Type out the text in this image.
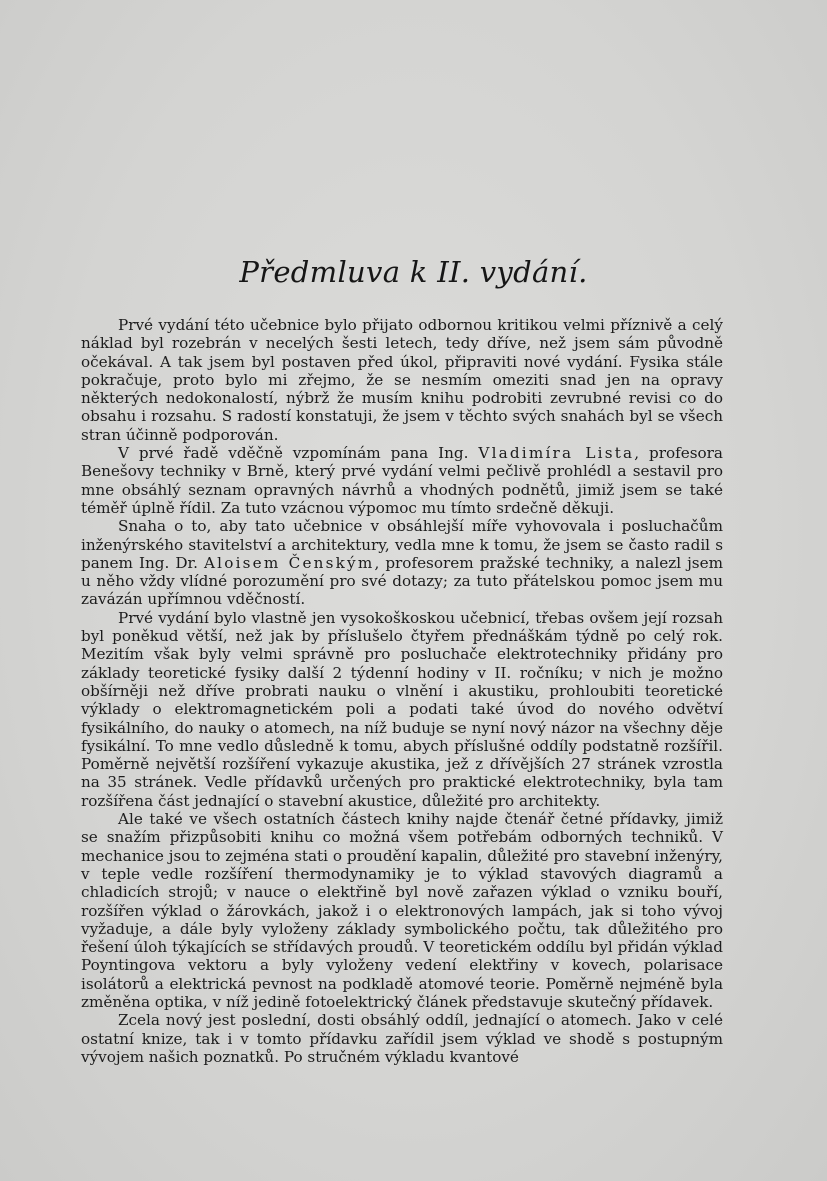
Předmluva k II. vydání.

Prvé vydání této učebnice bylo přijato odbornou kritikou velmi příznivě a celý náklad byl rozebrán v necelých šesti letech, tedy dříve, než jsem sám původně očekával. A tak jsem byl postaven před úkol, připraviti nové vydání. Fysika stále pokračuje, proto bylo mi zřejmo, že se nesmím omeziti snad jen na opravy některých nedokonalostí, nýbrž že musím knihu podrobiti zevrubné revisi co do obsahu i rozsahu. S radostí konstatuji, že jsem v těchto svých snahách byl se všech stran účinně podporován.

V prvé řadě vděčně vzpomínám pana Ing. Vladimíra Lista, profesora Benešovy techniky v Brně, který prvé vydání velmi pečlivě prohlédl a sestavil pro mne obsáhlý seznam opravných návrhů a vhodných podnětů, jimiž jsem se také téměř úplně řídil. Za tuto vzácnou výpomoc mu tímto srdečně děkuji.

Snaha o to, aby tato učebnice v obsáhlejší míře vyhovovala i posluchačům inženýrského stavitelství a architektury, vedla mne k tomu, že jsem se často radil s panem Ing. Dr. Aloisem Čenským, profesorem pražské techniky, a nalezl jsem u něho vždy vlídné porozumění pro své dotazy; za tuto přátelskou pomoc jsem mu zavázán upřímnou vděčností.

Prvé vydání bylo vlastně jen vysokoškoskou učebnicí, třebas ovšem její rozsah byl poněkud větší, než jak by příslušelo čtyřem přednáškám týdně po celý rok. Mezitím však byly velmi správně pro posluchače elektrotechniky přidány pro základy teoretické fysiky další 2 týdenní hodiny v II. ročníku; v nich je možno obšírněji než dříve probrati nauku o vlnění i akustiku, prohloubiti teoretické výklady o elektromagnetickém poli a podati také úvod do nového odvětví fysikálního, do nauky o atomech, na níž buduje se nyní nový názor na všechny děje fysikální. To mne vedlo důsledně k tomu, abych příslušné oddíly podstatně rozšířil. Poměrně největší rozšíření vykazuje akustika, jež z dřívějších 27 stránek vzrostla na 35 stránek. Vedle přídavků určených pro praktické elektrotechniky, byla tam rozšířena část jednající o stavební akustice, důležité pro architekty.

Ale také ve všech ostatních částech knihy najde čtenář četné přídavky, jimiž se snažím přizpůsobiti knihu co možná všem potřebám odborných techniků. V mechanice jsou to zejména stati o proudění kapalin, důležité pro stavební inženýry, v teple vedle rozšíření thermodynamiky je to výklad stavových diagramů a chladicích strojů; v nauce o elektřině byl nově zařazen výklad o vzniku bouří, rozšířen výklad o žárovkách, jakož i o elektronových lampách, jak si toho vývoj vyžaduje, a dále byly vyloženy základy symbolického počtu, tak důležitého pro řešení úloh týkajících se střídavých proudů. V teoretickém oddílu byl přidán výklad Poyntingova vektoru a byly vyloženy vedení elektřiny v kovech, polarisace isolátorů a elektrická pevnost na podkladě atomové teorie. Poměrně nejméně byla změněna optika, v níž jedině fotoelektrický článek představuje skutečný přídavek.

Zcela nový jest poslední, dosti obsáhlý oddíl, jednající o atomech. Jako v celé ostatní knize, tak i v tomto přídavku zařídil jsem výklad ve shodě s postupným vývojem našich poznatků. Po stručném výkladu kvantové
